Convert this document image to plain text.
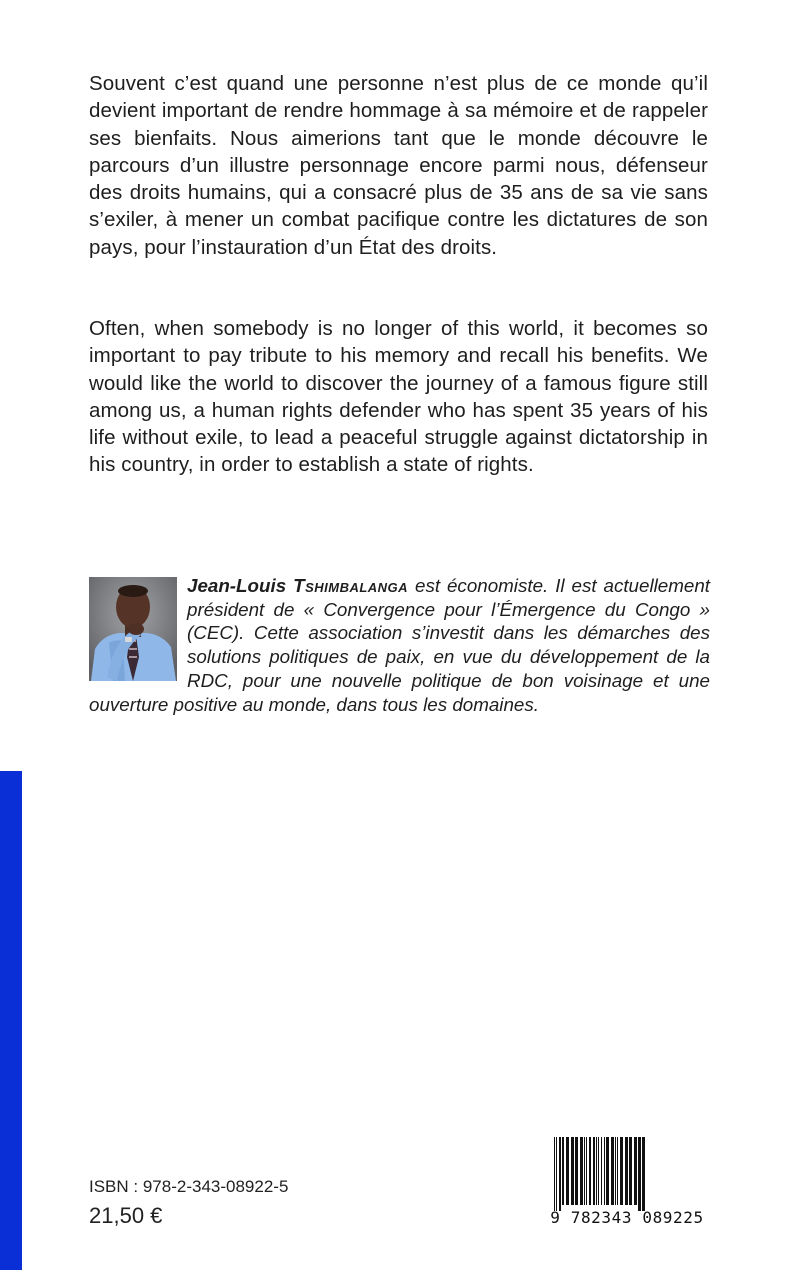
Souvent c’est quand une personne n’est plus de ce monde qu’il devient important de rendre hommage à sa mémoire et de rappeler ses bienfaits. Nous aimerions tant que le monde découvre le parcours d’un illustre personnage encore parmi nous, défenseur des droits humains, qui a consacré plus de 35 ans de sa vie sans s’exiler, à mener un combat pacifique contre les dictatures de son pays, pour l’instauration d’un État des droits.

Often, when somebody is no longer of this world, it becomes so important to pay tribute to his memory and recall his benefits. We would like the world to discover the journey of a famous figure still among us, a human rights defender who has spent 35 years of his life without exile, to lead a peaceful struggle against dictatorship in his country, in order to establish a state of rights.

Jean-Louis Tshimbalanga est économiste. Il est actuellement président de « Convergence pour l’Émergence du Congo » (CEC). Cette association s’investit dans les démarches des solutions politiques de paix, en vue du développement de la RDC, pour une nouvelle politique de bon voisinage et une ouverture positive au monde, dans tous les domaines.
ISBN : 978-2-343-08922-5
21,50 €	9 782343 089225
